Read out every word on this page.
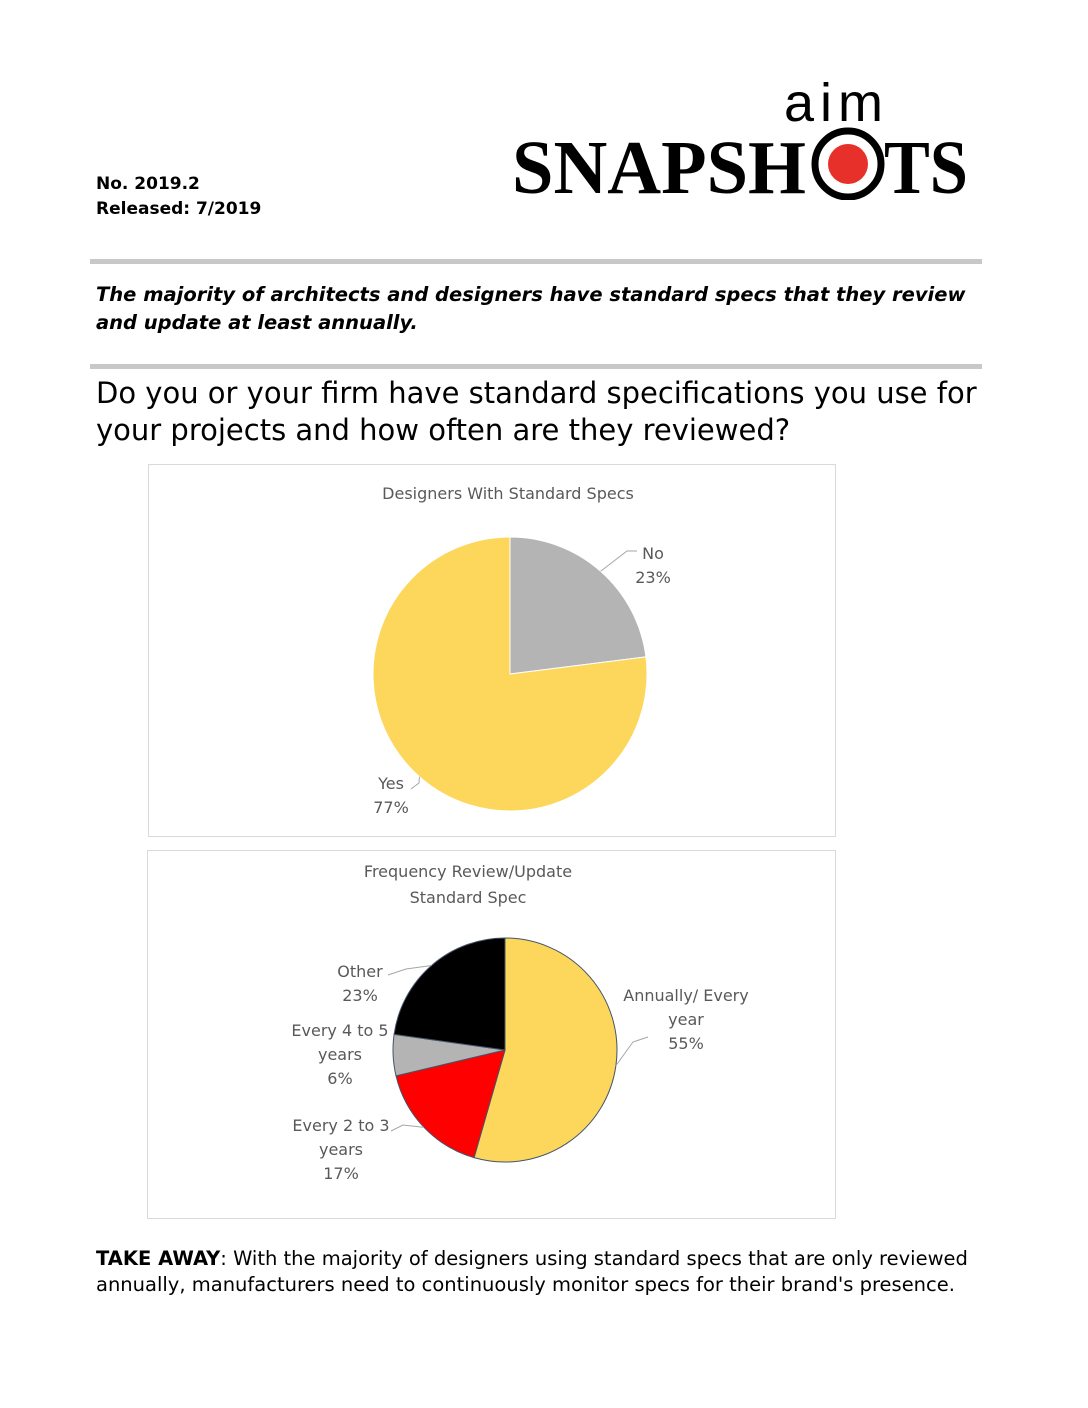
No. 2019.2
Released: 7/2019
aim
SNAPSH TS
The majority of architects and designers have standard specs that they review and update at least annually.
Do you or your firm have standard specifications you use for your projects and how often are they reviewed?
Designers With Standard Specs
No
23%
Yes
77%
Frequency Review/Update
Standard Spec
Annually/ Every
year
55%
Every 2 to 3
years
17%
Every 4 to 5
years
6%
Other
23%
TAKE AWAY: With the majority of designers using standard specs that are only reviewed annually, manufacturers need to continuously monitor specs for their brand's presence.
